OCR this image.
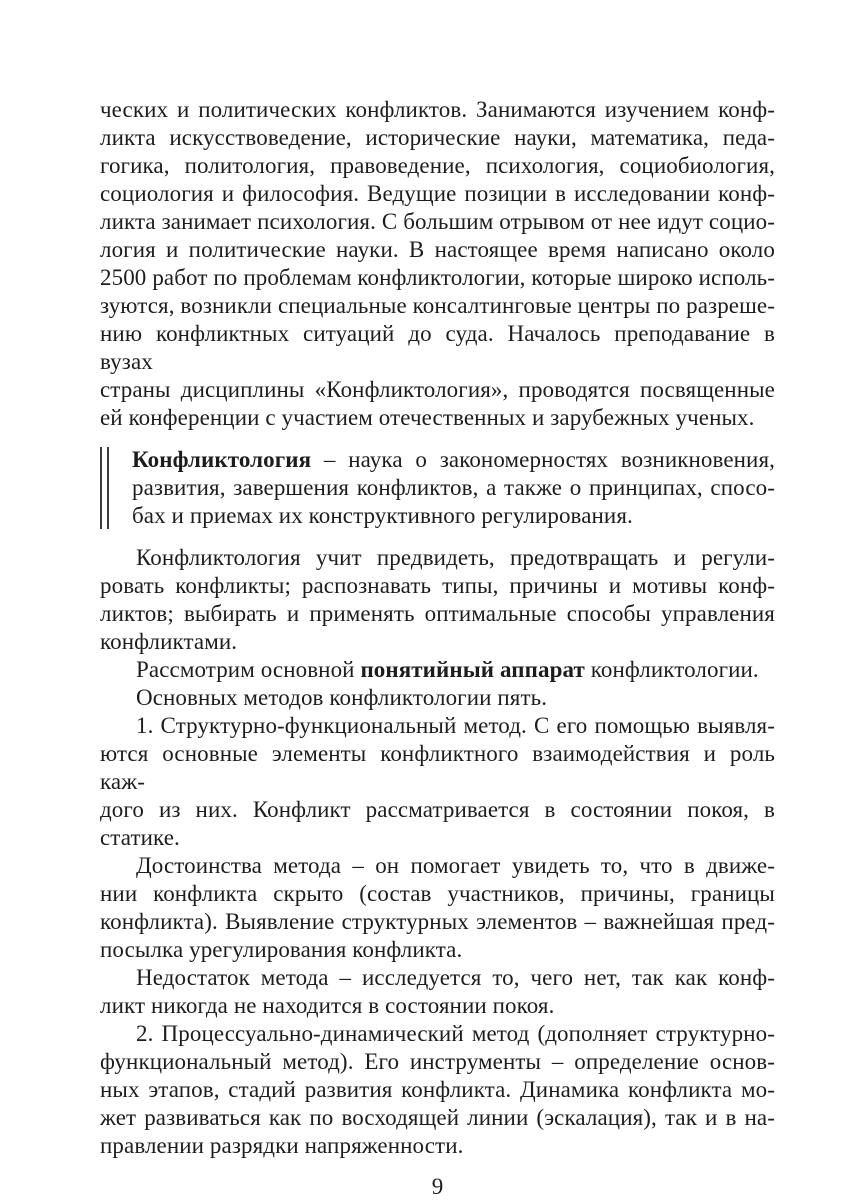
ческих и политических конфликтов. Занимаются изучением конф-
ликта искусствоведение, исторические науки, математика, педа-
гогика, политология, правоведение, психология, социобиология,
социология и философия. Ведущие позиции в исследовании конф-
ликта занимает психология. С большим отрывом от нее идут социо-
логия и политические науки. В настоящее время написано около
2500 работ по проблемам конфликтологии, которые широко исполь-
зуются, возникли специальные консалтинговые центры по разреше-
нию конфликтных ситуаций до суда. Началось преподавание в вузах
страны дисциплины «Конфликтология», проводятся посвященные
ей конференции с участием отечественных и зарубежных ученых.
Конфликтология – наука о закономерностях возникновения,
развития, завершения конфликтов, а также о принципах, спосо-
бах и приемах их конструктивного регулирования.
Конфликтология учит предвидеть, предотвращать и регули-
ровать конфликты; распознавать типы, причины и мотивы конф-
ликтов; выбирать и применять оптимальные способы управления
конфликтами.
Рассмотрим основной понятийный аппарат конфликтологии.
Основных методов конфликтологии пять.
1. Структурно-функциональный метод. С его помощью выявля-
ются основные элементы конфликтного взаимодействия и роль каж-
дого из них. Конфликт рассматривается в состоянии покоя, в статике.
Достоинства метода – он помогает увидеть то, что в движе-
нии конфликта скрыто (состав участников, причины, границы
конфликта). Выявление структурных элементов – важнейшая пред-
посылка урегулирования конфликта.
Недостаток метода – исследуется то, чего нет, так как конф-
ликт никогда не находится в состоянии покоя.
2. Процессуально-динамический метод (дополняет структурно-
функциональный метод). Его инструменты – определение основ-
ных этапов, стадий развития конфликта. Динамика конфликта мо-
жет развиваться как по восходящей линии (эскалация), так и в на-
правлении разрядки напряженности.
9
